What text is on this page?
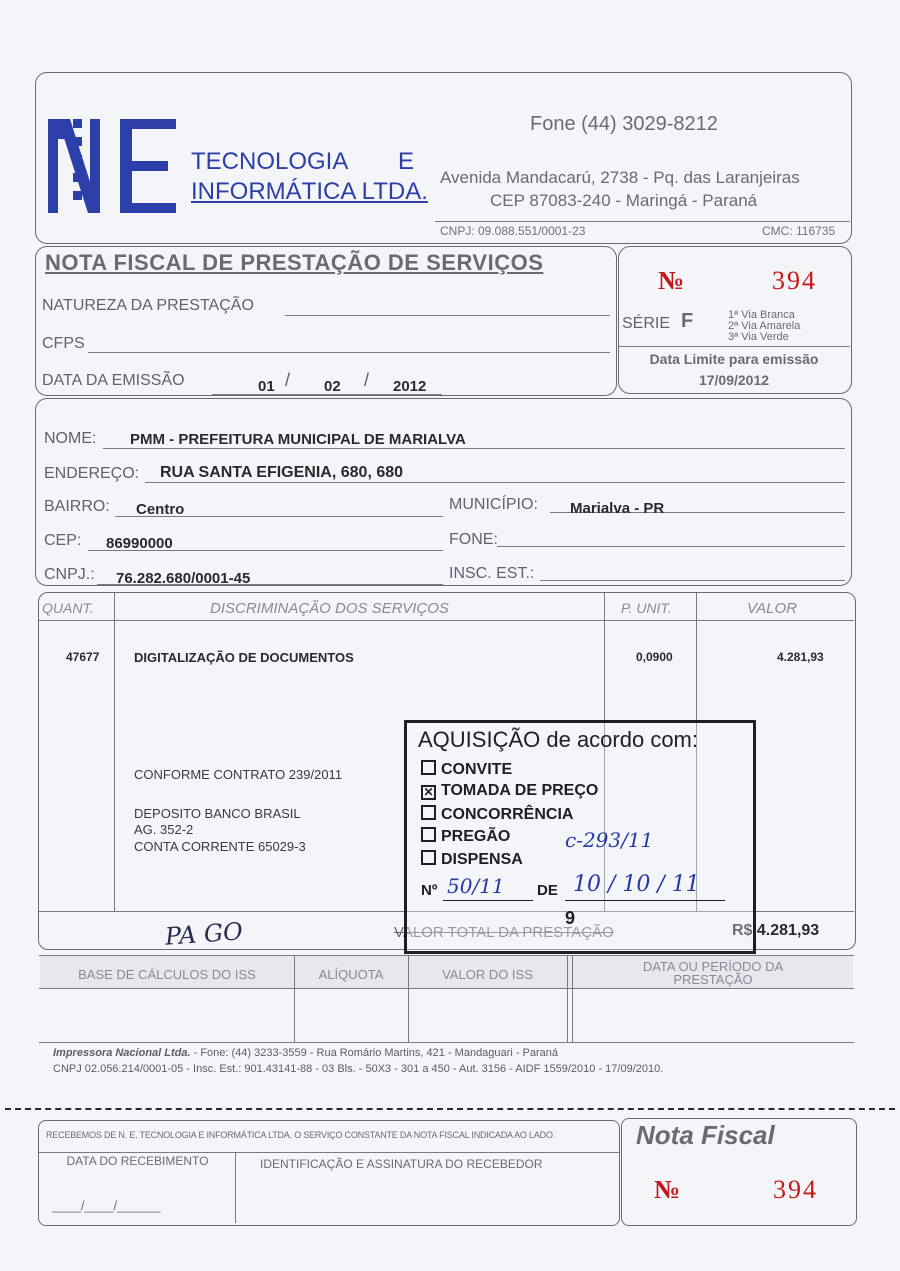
TECNOLOGIA E
INFORMÁTICA LTDA.
Fone (44) 3029-8212
Avenida Mandacarú, 2738 - Pq. das Laranjeiras
CEP 87083-240 - Maringá - Paraná
CNPJ: 09.088.551/0001-23	CMC: 116735
NOTA FISCAL DE PRESTAÇÃO DE SERVIÇOS
NATUREZA DA PRESTAÇÃO
CFPS
DATA DA EMISSÃO	01 / 02 / 2012
№	394
SÉRIE F	1ª Via Branca
2ª Via Amarela
3ª Via Verde
Data Limite para emissão
17/09/2012
NOME: PMM - PREFEITURA MUNICIPAL DE MARIALVA
ENDEREÇO: RUA SANTA EFIGENIA, 680, 680
BAIRRO: Centro	MUNICÍPIO: Marialva - PR
CEP: 86990000	FONE:
CNPJ.: 76.282.680/0001-45	INSC. EST.:
QUANT.	DISCRIMINAÇÃO DOS SERVIÇOS	P. UNIT.	VALOR
47677	DIGITALIZAÇÃO DE DOCUMENTOS	0,0900	4.281,93
CONFORME CONTRATO 239/2011
DEPOSITO BANCO BRASIL
AG. 352-2
CONTA CORRENTE 65029-3
PA GO	VALOR TOTAL DA PRESTAÇÃO	R$ 4.281,93
AQUISIÇÃO de acordo com:
CONVITE
✕ TOMADA DE PREÇO
CONCORRÊNCIA
PREGÃO
DISPENSA
c-293/11
Nº 50/11 DE 10 / 10 / 11
9
BASE DE CÁLCULOS DO ISS	ALÍQUOTA	VALOR DO ISS
DATA OU PERÍODO DA
PRESTAÇÃO
Impressora Nacional Ltda. - Fone: (44) 3233-3559 - Rua Romário Martins, 421 - Mandaguari - Paraná
CNPJ 02.056.214/0001-05 - Insc. Est.: 901.43141-88 - 03 Bls. - 50X3 - 301 a 450 - Aut. 3156 - AIDF 1559/2010 - 17/09/2010.
RECEBEMOS DE N. E. TECNOLOGIA E INFORMÁTICA LTDA. O SERVIÇO CONSTANTE DA NOTA FISCAL INDICADA AO LADO.
DATA DO RECEBIMENTO
____/____/______
IDENTIFICAÇÃO E ASSINATURA DO RECEBEDOR
Nota Fiscal
№	394
